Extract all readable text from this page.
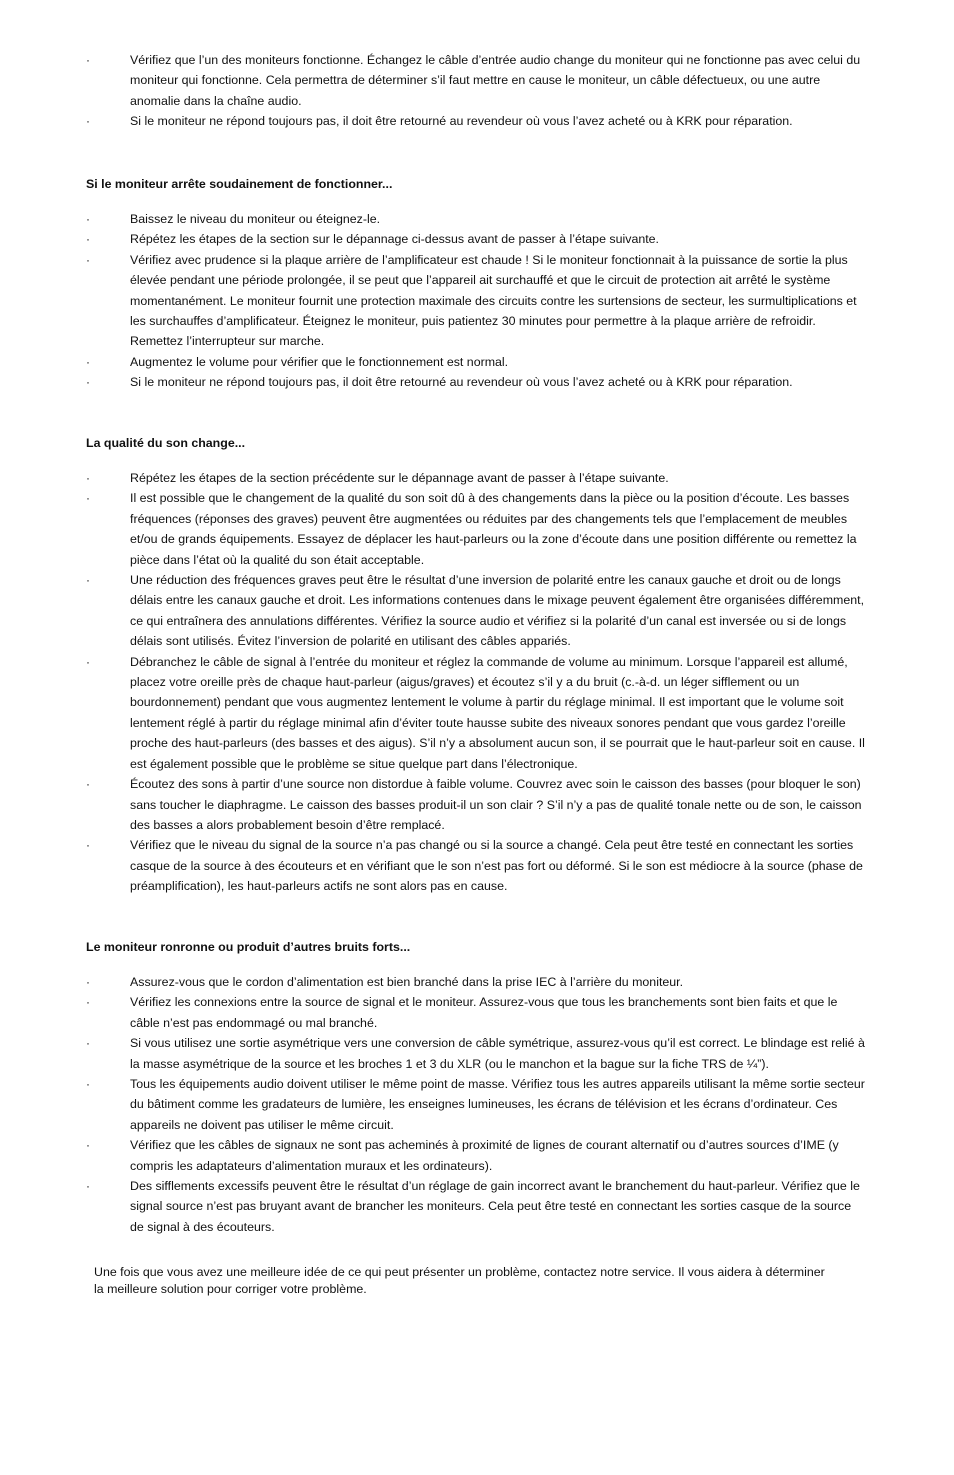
·	Vérifiez que l’un des moniteurs fonctionne. Échangez le câble d’entrée audio change du moniteur qui ne fonctionne pas avec celui du moniteur qui fonctionne. Cela permettra de déterminer s’il faut mettre en cause le moniteur, un câble défectueux, ou une autre anomalie dans la chaîne audio.
·	Si le moniteur ne répond toujours pas, il doit être retourné au revendeur où vous l’avez acheté ou à KRK pour réparation.

Si le moniteur arrête soudainement de fonctionner...

·	Baissez le niveau du moniteur ou éteignez-le.
·	Répétez les étapes de la section sur le dépannage ci-dessus avant de passer à l’étape suivante.
·	Vérifiez avec prudence si la plaque arrière de l’amplificateur est chaude ! Si le moniteur fonctionnait à la puissance de sortie la plus élevée pendant une période prolongée, il se peut que l’appareil ait surchauffé et que le circuit de protection ait arrêté le système momentanément. Le moniteur fournit une protection maximale des circuits contre les surtensions de secteur, les surmultiplications et les surchauffes d’amplificateur. Éteignez le moniteur, puis patientez 30 minutes pour permettre à la plaque arrière de refroidir. Remettez l’interrupteur sur marche.
·	Augmentez le volume pour vérifier que le fonctionnement est normal.
·	Si le moniteur ne répond toujours pas, il doit être retourné au revendeur où vous l’avez acheté ou à KRK pour réparation.

La qualité du son change...

·	Répétez les étapes de la section précédente sur le dépannage avant de passer à l’étape suivante.
·	Il est possible que le changement de la qualité du son soit dû à des changements dans la pièce ou la position d’écoute. Les basses fréquences (réponses des graves) peuvent être augmentées ou réduites par des changements tels que l’emplacement de meubles et/ou de grands équipements. Essayez de déplacer les haut-parleurs ou la zone d’écoute dans une position différente ou remettez la pièce dans l’état où la qualité du son était acceptable.
·	Une réduction des fréquences graves peut être le résultat d’une inversion de polarité entre les canaux gauche et droit ou de longs délais entre les canaux gauche et droit. Les informations contenues dans le mixage peuvent également être organisées différemment, ce qui entraînera des annulations différentes. Vérifiez la source audio et vérifiez si la polarité d’un canal est inversée ou si de longs délais sont utilisés. Évitez l’inversion de polarité en utilisant des câbles appariés.
·	Débranchez le câble de signal à l’entrée du moniteur et réglez la commande de volume au minimum. Lorsque l’appareil est allumé, placez votre oreille près de chaque haut-parleur (aigus/graves) et écoutez s’il y a du bruit (c.-à-d. un léger sifflement ou un bourdonnement) pendant que vous augmentez lentement le volume à partir du réglage minimal. Il est important que le volume soit lentement réglé à partir du réglage minimal afin d’éviter toute hausse subite des niveaux sonores pendant que vous gardez l’oreille proche des haut-parleurs (des basses et des aigus). S’il n’y a absolument aucun son, il se pourrait que le haut-parleur soit en cause. Il est également possible que le problème se situe quelque part dans l’électronique.
·	Écoutez des sons à partir d’une source non distordue à faible volume. Couvrez avec soin le caisson des basses (pour bloquer le son) sans toucher le diaphragme. Le caisson des basses produit-il un son clair ? S’il n’y a pas de qualité tonale nette ou de son, le caisson des basses a alors probablement besoin d’être remplacé.
·	Vérifiez que le niveau du signal de la source n’a pas changé ou si la source a changé. Cela peut être testé en connectant les sorties casque de la source à des écouteurs et en vérifiant que le son n’est pas fort ou déformé. Si le son est médiocre à la source (phase de préamplification), les haut-parleurs actifs ne sont alors pas en cause.

Le moniteur ronronne ou produit d’autres bruits forts...

·	Assurez-vous que le cordon d’alimentation est bien branché dans la prise IEC à l’arrière du moniteur.
·	Vérifiez les connexions entre la source de signal et le moniteur. Assurez-vous que tous les branchements sont bien faits et que le câble n’est pas endommagé ou mal branché.
·	Si vous utilisez une sortie asymétrique vers une conversion de câble symétrique, assurez-vous qu’il est correct. Le blindage est relié à la masse asymétrique de la source et les broches 1 et 3 du XLR (ou le manchon et la bague sur la fiche TRS de ¼”).
·	Tous les équipements audio doivent utiliser le même point de masse. Vérifiez tous les autres appareils utilisant la même sortie secteur du bâtiment comme les gradateurs de lumière, les enseignes lumineuses, les écrans de télévision et les écrans d’ordinateur. Ces appareils ne doivent pas utiliser le même circuit.
·	Vérifiez que les câbles de signaux ne sont pas acheminés à proximité de lignes de courant alternatif ou d’autres sources d’IME (y compris les adaptateurs d’alimentation muraux et les ordinateurs).
·	Des sifflements excessifs peuvent être le résultat d’un réglage de gain incorrect avant le branchement du haut-parleur. Vérifiez que le signal source n’est pas bruyant avant de brancher les moniteurs. Cela peut être testé en connectant les sorties casque de la source de signal à des écouteurs.

Une fois que vous avez une meilleure idée de ce qui peut présenter un problème, contactez notre service. Il vous aidera à déterminer la meilleure solution pour corriger votre problème.
